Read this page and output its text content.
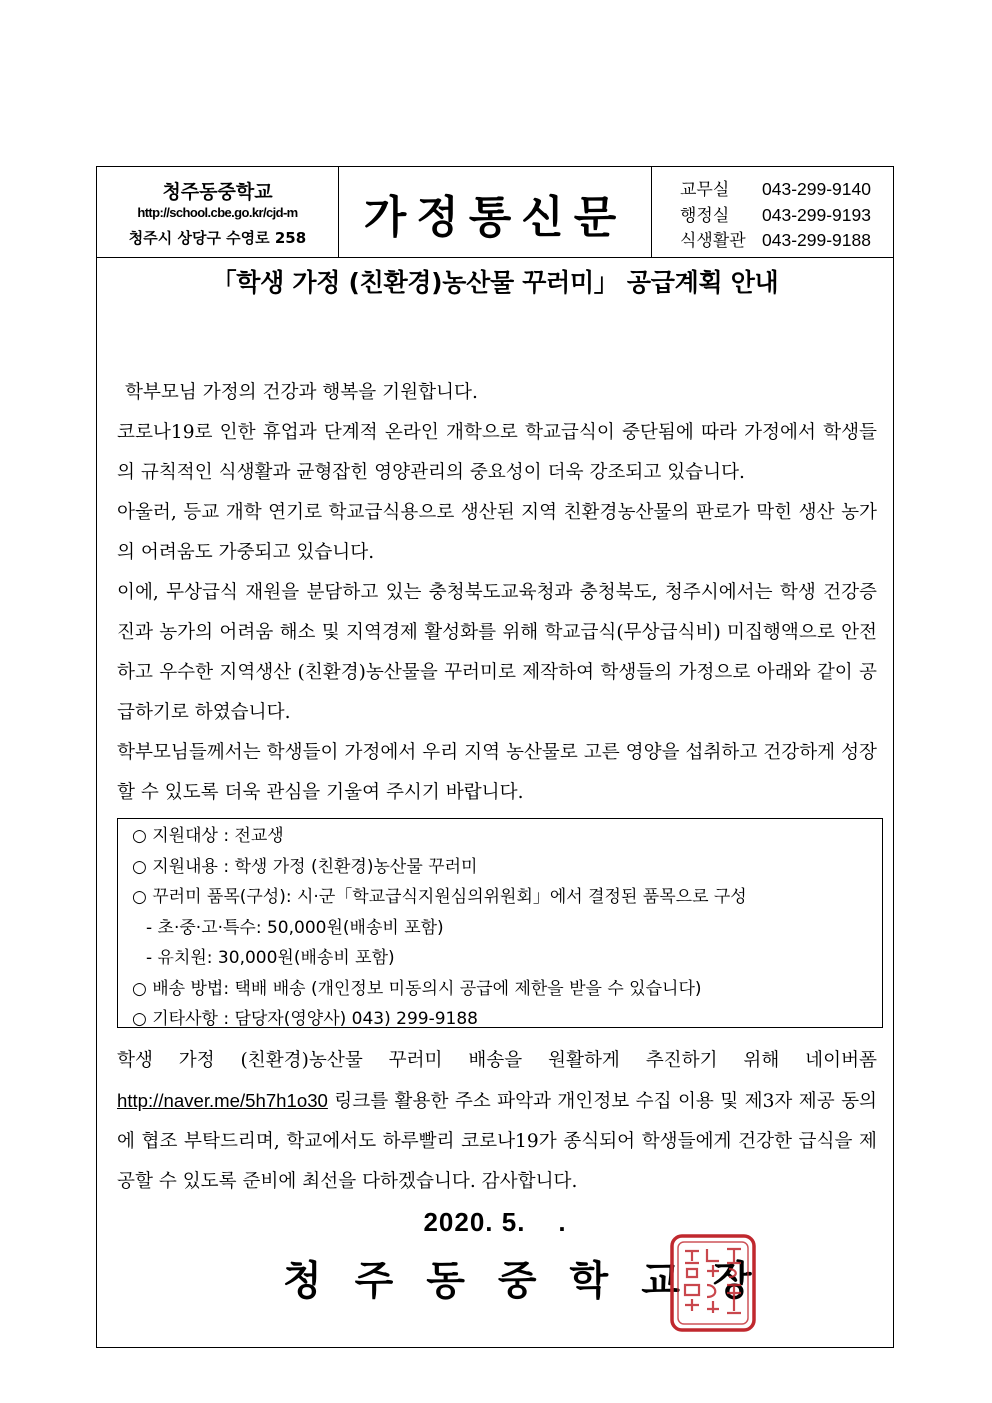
청주동중학교
http://school.cbe.go.kr/cjd-m
청주시 상당구 수영로 258	가정통신문
교무실 043-299-9140
행정실 043-299-9193
식생활관 043-299-9188
「학생 가정 (친환경)농산물 꾸러미」 공급계획 안내

학부모님 가정의 건강과 행복을 기원합니다.

코로나19로 인한 휴업과 단계적 온라인 개학으로 학교급식이 중단됨에 따라 가정에서 학생들의 규칙적인 식생활과 균형잡힌 영양관리의 중요성이 더욱 강조되고 있습니다.

아울러, 등교 개학 연기로 학교급식용으로 생산된 지역 친환경농산물의 판로가 막힌 생산 농가의 어려움도 가중되고 있습니다.

이에, 무상급식 재원을 분담하고 있는 충청북도교육청과 충청북도, 청주시에서는 학생 건강증진과 농가의 어려움 해소 및 지역경제 활성화를 위해 학교급식(무상급식비) 미집행액으로 안전하고 우수한 지역생산 (친환경)농산물을 꾸러미로 제작하여 학생들의 가정으로 아래와 같이 공급하기로 하였습니다.

학부모님들께서는 학생들이 가정에서 우리 지역 농산물로 고른 영양을 섭취하고 건강하게 성장할 수 있도록 더욱 관심을 기울여 주시기 바랍니다.

○ 지원대상 : 전교생
○ 지원내용 : 학생 가정 (친환경)농산물 꾸러미
○ 꾸러미 품목(구성): 시·군「학교급식지원심의위원회」에서 결정된 품목으로 구성
- 초·중·고·특수: 50,000원(배송비 포함)
- 유치원: 30,000원(배송비 포함)
○ 배송 방법: 택배 배송 (개인정보 미동의시 공급에 제한을 받을 수 있습니다)
○ 기타사항 : 담당자(영양사) 043) 299-9188

학생 가정 (친환경)농산물 꾸러미 배송을 원활하게 추진하기 위해 네이버폼 http://naver.me/5h7h1o30 링크를 활용한 주소 파악과 개인정보 수집 이용 및 제3자 제공 동의에 협조 부탁드리며, 학교에서도 하루빨리 코로나19가 종식되어 학생들에게 건강한 급식을 제공할 수 있도록 준비에 최선을 다하겠습니다. 감사합니다.

2020. 5.    .
청주동중학교장
